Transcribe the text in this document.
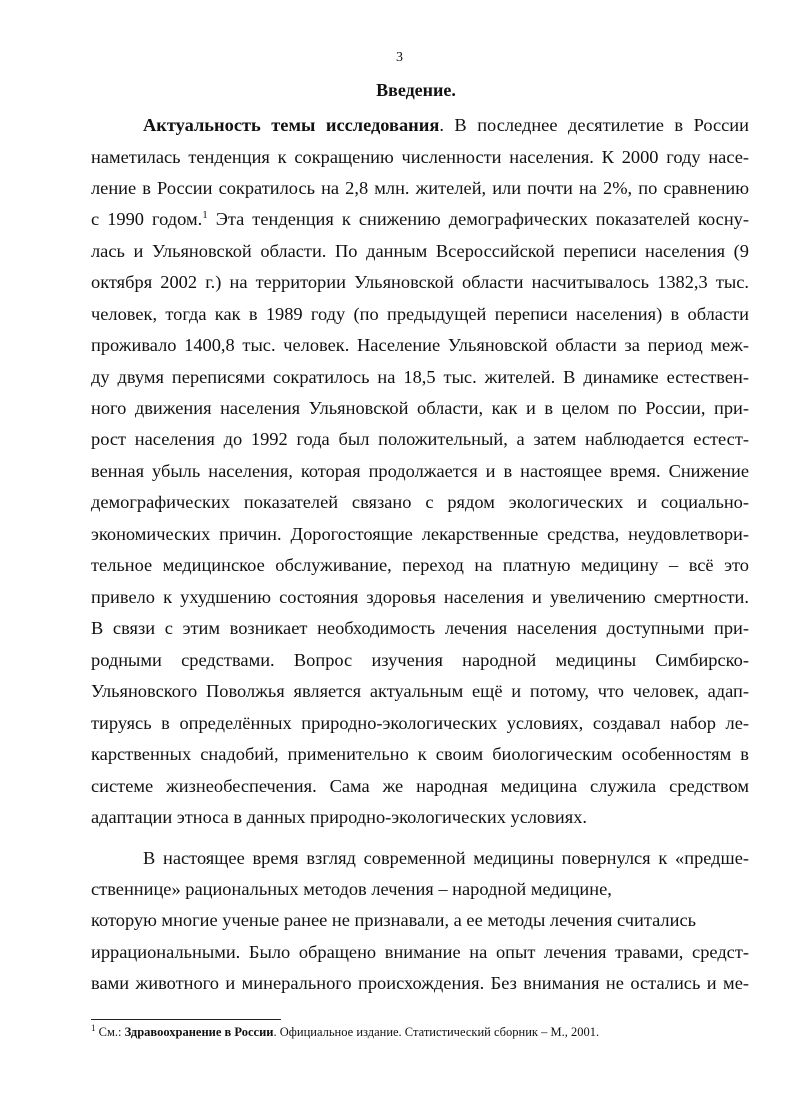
3
Введение.
Актуальность темы исследования. В последнее десятилетие в России
наметилась тенденция к сокращению численности населения. К 2000 году насе-
ление в России сократилось на 2,8 млн. жителей, или почти на 2%, по сравнению
с 1990 годом.$^1$ Эта тенденция к снижению демографических показателей косну-
лась и Ульяновской области. По данным Всероссийской переписи населения (9
октября 2002 г.) на территории Ульяновской области насчитывалось 1382,3 тыс.
человек, тогда как в 1989 году (по предыдущей переписи населения) в области
проживало 1400,8 тыс. человек. Население Ульяновской области за период меж-
ду двумя переписями сократилось на 18,5 тыс. жителей. В динамике естествен-
ного движения населения Ульяновской области, как и в целом по России, при-
рост населения до 1992 года был положительный, а затем наблюдается естест-
венная убыль населения, которая продолжается и в настоящее время. Снижение
демографических показателей связано с рядом экологических и социально-
экономических причин. Дорогостоящие лекарственные средства, неудовлетвори-
тельное медицинское обслуживание, переход на платную медицину – всё это
привело к ухудшению состояния здоровья населения и увеличению смертности.
В связи с этим возникает необходимость лечения населения доступными при-
родными средствами. Вопрос изучения народной медицины Симбирско-
Ульяновского Поволжья является актуальным ещё и потому, что человек, адап-
тируясь в определённых природно-экологических условиях, создавал набор ле-
карственных снадобий, применительно к своим биологическим особенностям в
системе жизнеобеспечения. Сама же народная медицина служила средством
адаптации этноса в данных природно-экологических условиях.
В настоящее время взгляд современной медицины повернулся к «предше-
ственнице» рациональных методов лечения – народной медицине,
которую многие ученые ранее не признавали, а ее методы лечения считались
иррациональными. Было обращено внимание на опыт лечения травами, средст-
вами животного и минерального происхождения. Без внимания не остались и ме-
$^1$ См.: Здравоохранение в России. Официальное издание. Статистический сборник – М., 2001.
